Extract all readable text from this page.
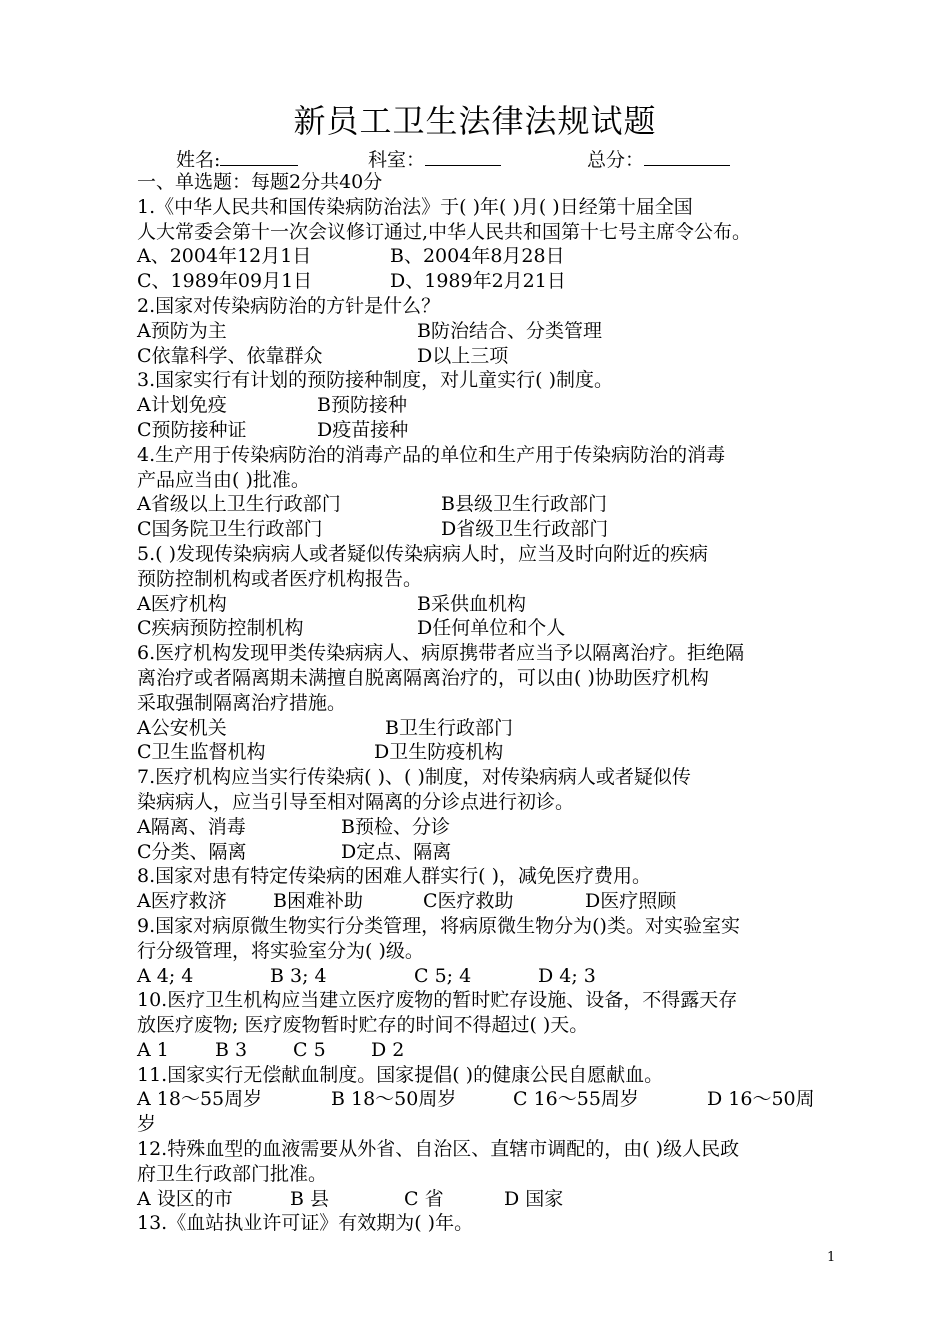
新员工卫生法律法规试题
姓名:	科室：	总分：
一、单选题：每题2分共40分
1.《中华人民共和国传染病防治法》于( )年( )月( )日经第十届全国
人大常委会第十一次会议修订通过,中华人民共和国第十七号主席令公布。
A、2004年12月1日	B、2004年8月28日
C、1989年09月1日	D、1989年2月21日
2.国家对传染病防治的方针是什么？
A预防为主	B防治结合、分类管理
C依靠科学、依靠群众	D以上三项
3.国家实行有计划的预防接种制度，对儿童实行( )制度。
A计划免疫	B预防接种
C预防接种证	D疫苗接种
4.生产用于传染病防治的消毒产品的单位和生产用于传染病防治的消毒
产品应当由( )批准。
A省级以上卫生行政部门	B县级卫生行政部门
C国务院卫生行政部门	D省级卫生行政部门
5.( )发现传染病病人或者疑似传染病病人时，应当及时向附近的疾病
预防控制机构或者医疗机构报告。
A医疗机构	B采供血机构
C疾病预防控制机构	D任何单位和个人
6.医疗机构发现甲类传染病病人、病原携带者应当予以隔离治疗。拒绝隔
离治疗或者隔离期未满擅自脱离隔离治疗的，可以由( )协助医疗机构
采取强制隔离治疗措施。
A公安机关	B卫生行政部门
C卫生监督机构	D卫生防疫机构
7.医疗机构应当实行传染病( )、( )制度，对传染病病人或者疑似传
染病病人，应当引导至相对隔离的分诊点进行初诊。
A隔离、消毒	B预检、分诊
C分类、隔离	D定点、隔离
8.国家对患有特定传染病的困难人群实行( )，减免医疗费用。
A医疗救济 B困难补助	C医疗救助	D医疗照顾
9.国家对病原微生物实行分类管理，将病原微生物分为()类。对实验室实
行分级管理，将实验室分为( )级。
A 4; 4	B 3; 4	C 5; 4	D 4; 3
10.医疗卫生机构应当建立医疗废物的暂时贮存设施、设备，不得露天存
放医疗废物; 医疗废物暂时贮存的时间不得超过( )天。
A 1 B 3 C 5 D 2
11.国家实行无偿献血制度。国家提倡( )的健康公民自愿献血。
A 18～55周岁	B 18～50周岁	C 16～55周岁	D 16～50周
岁
12.特殊血型的血液需要从外省、自治区、直辖市调配的，由( )级人民政
府卫生行政部门批准。
A 设区的市	B 县	C 省	D 国家
13.《血站执业许可证》有效期为( )年。
1
